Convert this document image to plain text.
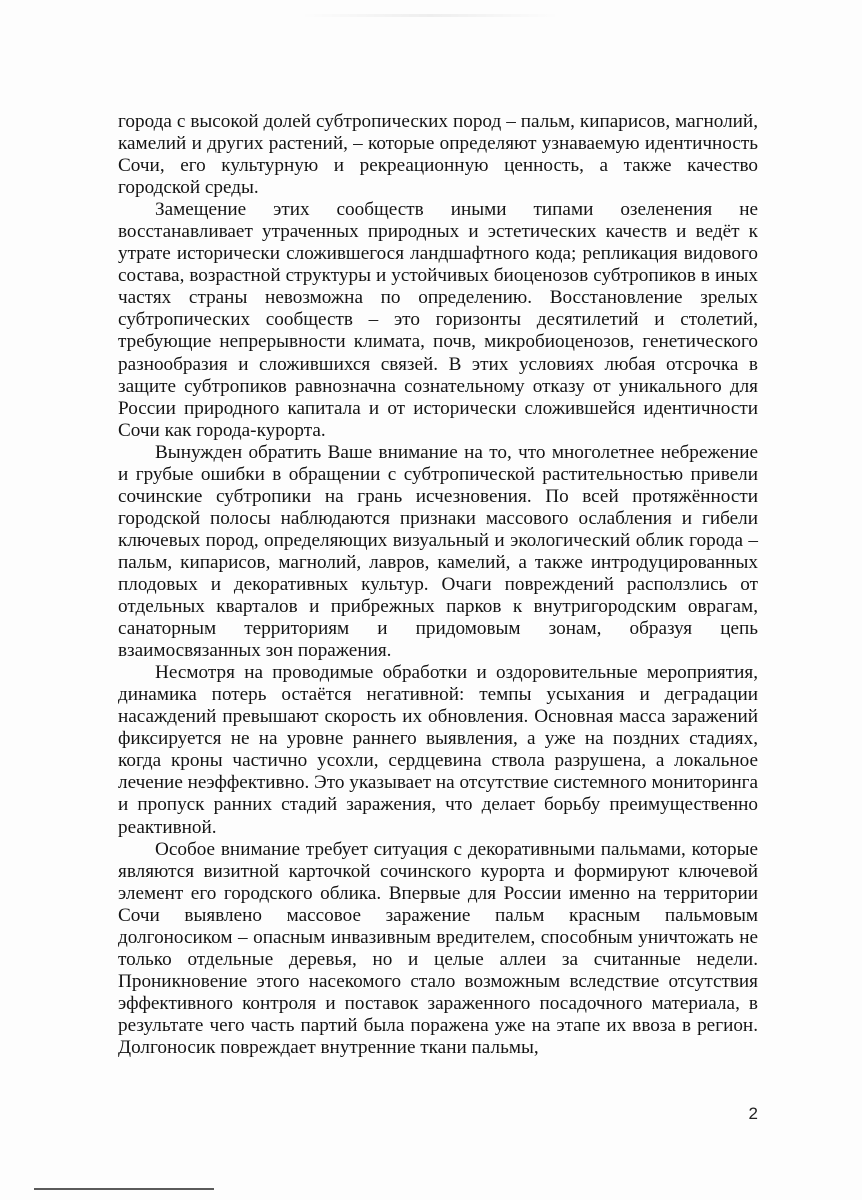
города с высокой долей субтропических пород – пальм, кипарисов, магнолий, камелий и других растений, – которые определяют узнаваемую идентичность Сочи, его культурную и рекреационную ценность, а также качество городской среды.

Замещение этих сообществ иными типами озеленения не восстанавливает утраченных природных и эстетических качеств и ведёт к утрате исторически сложившегося ландшафтного кода; репликация видового состава, возрастной структуры и устойчивых биоценозов субтропиков в иных частях страны невозможна по определению. Восстановление зрелых субтропических сообществ – это горизонты десятилетий и столетий, требующие непрерывности климата, почв, микробиоценозов, генетического разнообразия и сложившихся связей. В этих условиях любая отсрочка в защите субтропиков равнозначна сознательному отказу от уникального для России природного капитала и от исторически сложившейся идентичности Сочи как города-курорта.

Вынужден обратить Ваше внимание на то, что многолетнее небрежение и грубые ошибки в обращении с субтропической растительностью привели сочинские субтропики на грань исчезновения. По всей протяжённости городской полосы наблюдаются признаки массового ослабления и гибели ключевых пород, определяющих визуальный и экологический облик города – пальм, кипарисов, магнолий, лавров, камелий, а также интродуцированных плодовых и декоративных культур. Очаги повреждений расползлись от отдельных кварталов и прибрежных парков к внутригородским оврагам, санаторным территориям и придомовым зонам, образуя цепь взаимосвязанных зон поражения.

Несмотря на проводимые обработки и оздоровительные мероприятия, динамика потерь остаётся негативной: темпы усыхания и деградации насаждений превышают скорость их обновления. Основная масса заражений фиксируется не на уровне раннего выявления, а уже на поздних стадиях, когда кроны частично усохли, сердцевина ствола разрушена, а локальное лечение неэффективно. Это указывает на отсутствие системного мониторинга и пропуск ранних стадий заражения, что делает борьбу преимущественно реактивной.

Особое внимание требует ситуация с декоративными пальмами, которые являются визитной карточкой сочинского курорта и формируют ключевой элемент его городского облика. Впервые для России именно на территории Сочи выявлено массовое заражение пальм красным пальмовым долгоносиком – опасным инвазивным вредителем, способным уничтожать не только отдельные деревья, но и целые аллеи за считанные недели. Проникновение этого насекомого стало возможным вследствие отсутствия эффективного контроля и поставок зараженного посадочного материала, в результате чего часть партий была поражена уже на этапе их ввоза в регион. Долгоносик повреждает внутренние ткани пальмы,

2
